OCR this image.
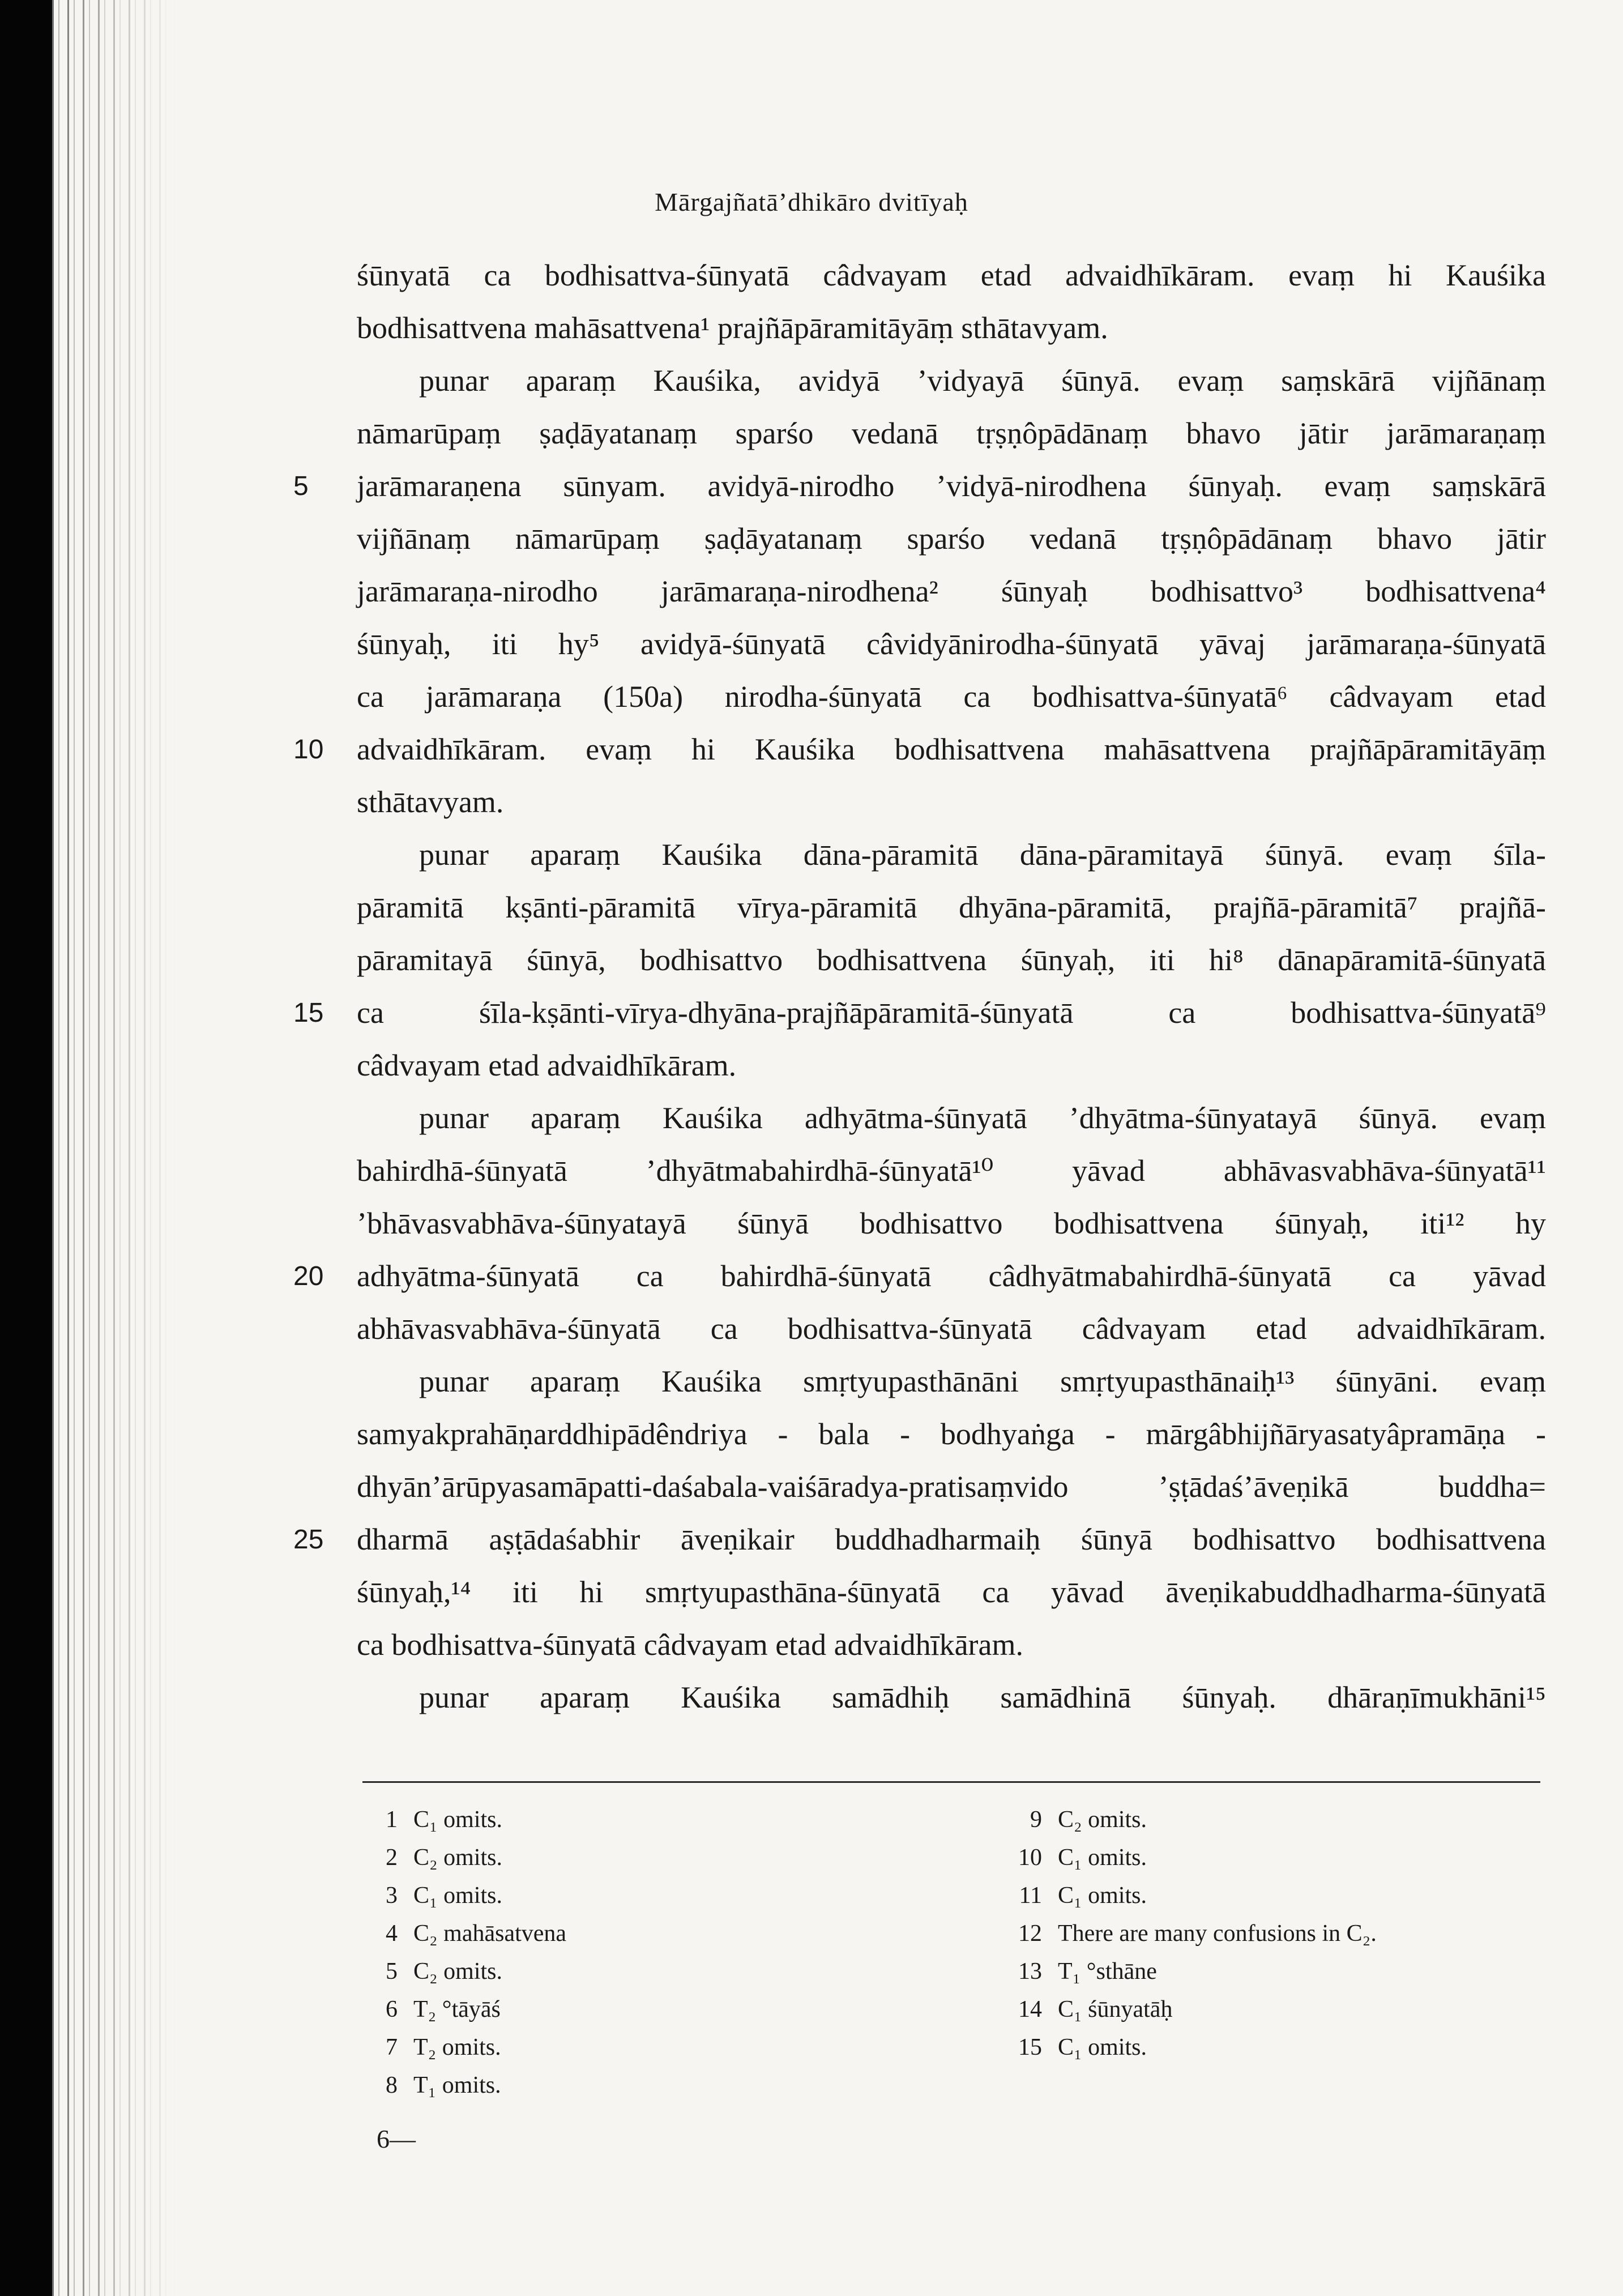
Mārgajñatā’dhikāro dvitīyaḥ
śūnyatā ca bodhisattva-śūnyatā câdvayam etad advaidhīkāram. evaṃ hi Kauśika
bodhisattvena mahāsattvena¹ prajñāpāramitāyāṃ sthātavyam.
punar aparaṃ Kauśika, avidyā ’vidyayā śūnyā. evaṃ saṃskārā vijñānaṃ
nāmarūpaṃ ṣaḍāyatanaṃ sparśo vedanā tṛṣṇôpādānaṃ bhavo jātir jarāmaraṇaṃ
5	jarāmaraṇena sūnyam. avidyā-nirodho ’vidyā-nirodhena śūnyaḥ. evaṃ saṃskārā
vijñānaṃ nāmarūpaṃ ṣaḍāyatanaṃ sparśo vedanā tṛṣṇôpādānaṃ bhavo jātir
jarāmaraṇa-nirodho jarāmaraṇa-nirodhena² śūnyaḥ bodhisattvo³ bodhisattvena⁴
śūnyaḥ, iti hy⁵ avidyā-śūnyatā câvidyānirodha-śūnyatā yāvaj jarāmaraṇa-śūnyatā
ca jarāmaraṇa (150a) nirodha-śūnyatā ca bodhisattva-śūnyatā⁶ câdvayam etad
10	advaidhīkāram. evaṃ hi Kauśika bodhisattvena mahāsattvena prajñāpāramitāyāṃ
sthātavyam.
punar aparaṃ Kauśika dāna-pāramitā dāna-pāramitayā śūnyā. evaṃ śīla-
pāramitā kṣānti-pāramitā vīrya-pāramitā dhyāna-pāramitā, prajñā-pāramitā⁷ prajñā-
pāramitayā śūnyā, bodhisattvo bodhisattvena śūnyaḥ, iti hi⁸ dānapāramitā-śūnyatā
15	ca śīla-kṣānti-vīrya-dhyāna-prajñāpāramitā-śūnyatā ca bodhisattva-śūnyatā⁹
câdvayam etad advaidhīkāram.
punar aparaṃ Kauśika adhyātma-śūnyatā ’dhyātma-śūnyatayā śūnyā. evaṃ
bahirdhā-śūnyatā ’dhyātmabahirdhā-śūnyatā¹⁰ yāvad abhāvasvabhāva-śūnyatā¹¹
’bhāvasvabhāva-śūnyatayā śūnyā bodhisattvo bodhisattvena śūnyaḥ, iti¹² hy
20	adhyātma-śūnyatā ca bahirdhā-śūnyatā câdhyātmabahirdhā-śūnyatā ca yāvad
abhāvasvabhāva-śūnyatā ca bodhisattva-śūnyatā câdvayam etad advaidhīkāram.
punar aparaṃ Kauśika smṛtyupasthānāni smṛtyupasthānaiḥ¹³ śūnyāni. evaṃ
samyakprahāṇarddhipādêndriya - bala - bodhyaṅga - mārgâbhijñāryasatyâpramāṇa -
dhyān’ārūpyasamāpatti-daśabala-vaiśāradya-pratisaṃvido ’ṣṭādaś’āveṇikā buddha=
25	dharmā aṣṭādaśabhir āveṇikair buddhadharmaiḥ śūnyā bodhisattvo bodhisattvena
śūnyaḥ,¹⁴ iti hi smṛtyupasthāna-śūnyatā ca yāvad āveṇikabuddhadharma-śūnyatā
ca bodhisattva-śūnyatā câdvayam etad advaidhīkāram.
punar aparaṃ Kauśika samādhiḥ samādhinā śūnyaḥ. dhāraṇīmukhāni¹⁵
1 C₁ omits.
2 C₂ omits.
3 C₁ omits.
4 C₂ mahāsatvena
5 C₂ omits.
6 T₂ °tāyāś
7 T₂ omits.
8 T₁ omits.
9 C₂ omits.
10 C₁ omits.
11 C₁ omits.
12 There are many confusions in C₂.
13 T₁ °sthāne
14 C₁ śūnyatāḥ
15 C₁ omits.
6—
